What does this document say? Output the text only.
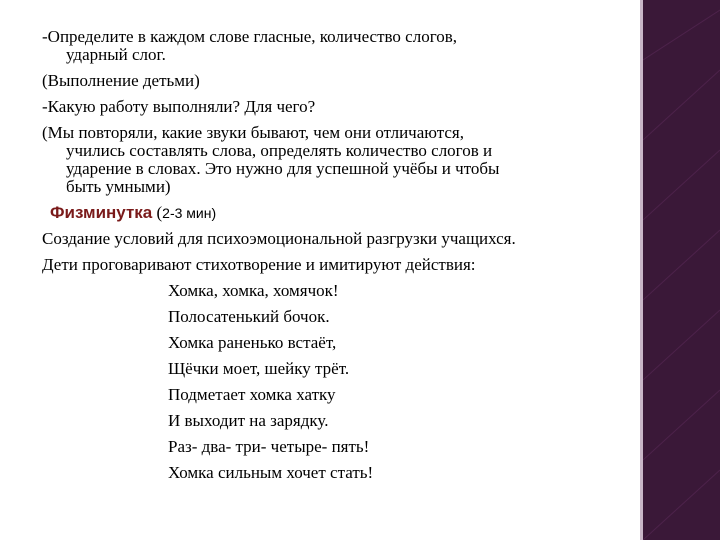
-Определите в каждом слове гласные, количество слогов,
ударный слог.
(Выполнение детьми)
-Какую работу выполняли? Для чего?
(Мы повторяли, какие звуки бывают, чем они отличаются,
учились составлять слова, определять количество слогов и
ударение в словах. Это нужно для успешной учёбы и чтобы
быть умными)
Физминутка (2-3 мин)
Создание условий для психоэмоциональной разгрузки учащихся.
Дети проговаривают стихотворение и имитируют действия:
Хомка, хомка, хомячок!
Полосатенький бочок.
Хомка раненько встаёт,
Щёчки моет, шейку трёт.
Подметает хомка хатку
И выходит на зарядку.
Раз- два- три- четыре- пять!
Хомка сильным хочет стать!
